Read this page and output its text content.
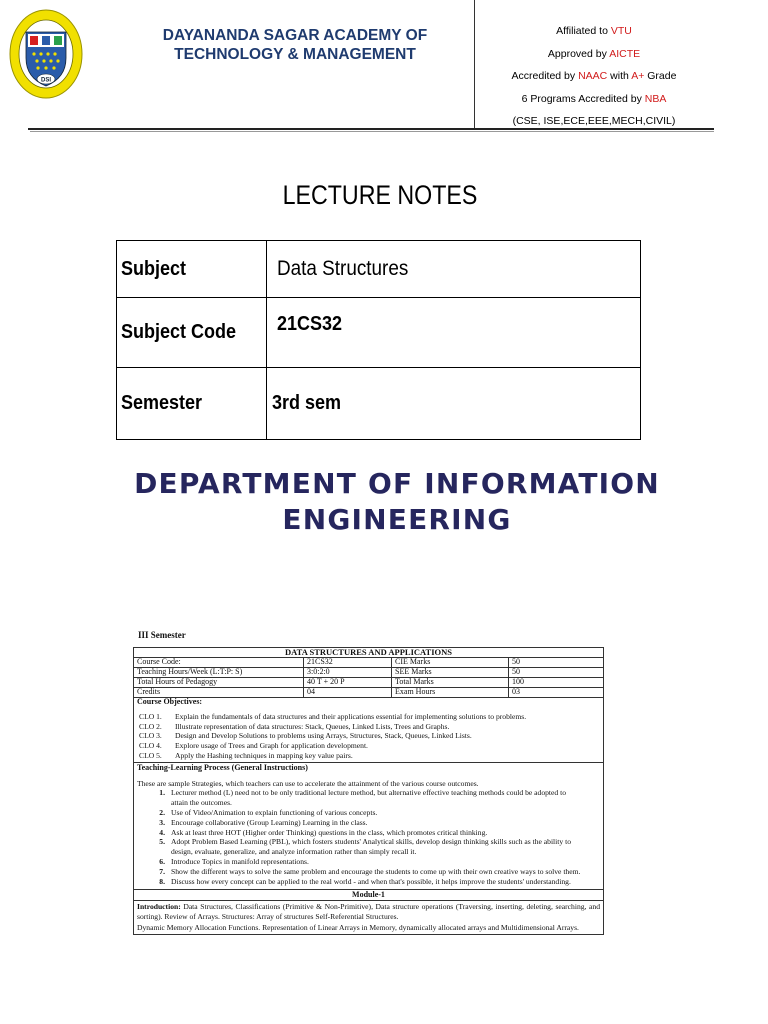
DSI
DAYANANDA SAGAR ACADEMY OF
TECHNOLOGY & MANAGEMENT
Affiliated to VTU
Approved by AICTE
Accredited by NAAC with A+ Grade
6 Programs Accredited by NBA
(CSE, ISE,ECE,EEE,MECH,CIVIL)
LECTURE NOTES
Subject	Data Structures
Subject Code	21CS32
Semester	3rd sem
DEPARTMENT OF INFORMATION
ENGINEERING
III Semester
DATA STRUCTURES AND APPLICATIONS			
Course Code:	21CS32	CIE Marks	50
Teaching Hours/Week (L:T:P: S)	3:0:2:0	SEE Marks	50
Total Hours of Pedagogy	40 T + 20 P	Total Marks	100
Credits	04	Exam Hours	03
Course Objectives:
CLO 1.	Explain the fundamentals of data structures and their applications essential for implementing solutions to problems.
CLO 2.	Illustrate representation of data structures: Stack, Queues, Linked Lists, Trees and Graphs.
CLO 3.	Design and Develop Solutions to problems using Arrays, Structures, Stack, Queues, Linked Lists.
CLO 4.	Explore usage of Trees and Graph for application development.
CLO 5.	Apply the Hashing techniques in mapping key value pairs.
Teaching-Learning Process (General Instructions)
These are sample Strategies, which teachers can use to accelerate the attainment of the various course outcomes.
1. Lecturer method (L) need not to be only traditional lecture method, but alternative effective teaching methods could be adopted to attain the outcomes.
2. Use of Video/Animation to explain functioning of various concepts.
3. Encourage collaborative (Group Learning) Learning in the class.
4. Ask at least three HOT (Higher order Thinking) questions in the class, which promotes critical thinking.
5. Adopt Problem Based Learning (PBL), which fosters students' Analytical skills, develop design thinking skills such as the ability to design, evaluate, generalize, and analyze information rather than simply recall it.
6. Introduce Topics in manifold representations.
7. Show the different ways to solve the same problem and encourage the students to come up with their own creative ways to solve them.
8. Discuss how every concept can be applied to the real world - and when that's possible, it helps improve the students' understanding.
Module-1
Introduction: Data Structures, Classifications (Primitive & Non-Primitive), Data structure operations (Traversing, inserting, deleting, searching, and sorting). Review of Arrays. Structures: Array of structures Self-Referential Structures.
Dynamic Memory Allocation Functions. Representation of Linear Arrays in Memory, dynamically allocated arrays and Multidimensional Arrays.
